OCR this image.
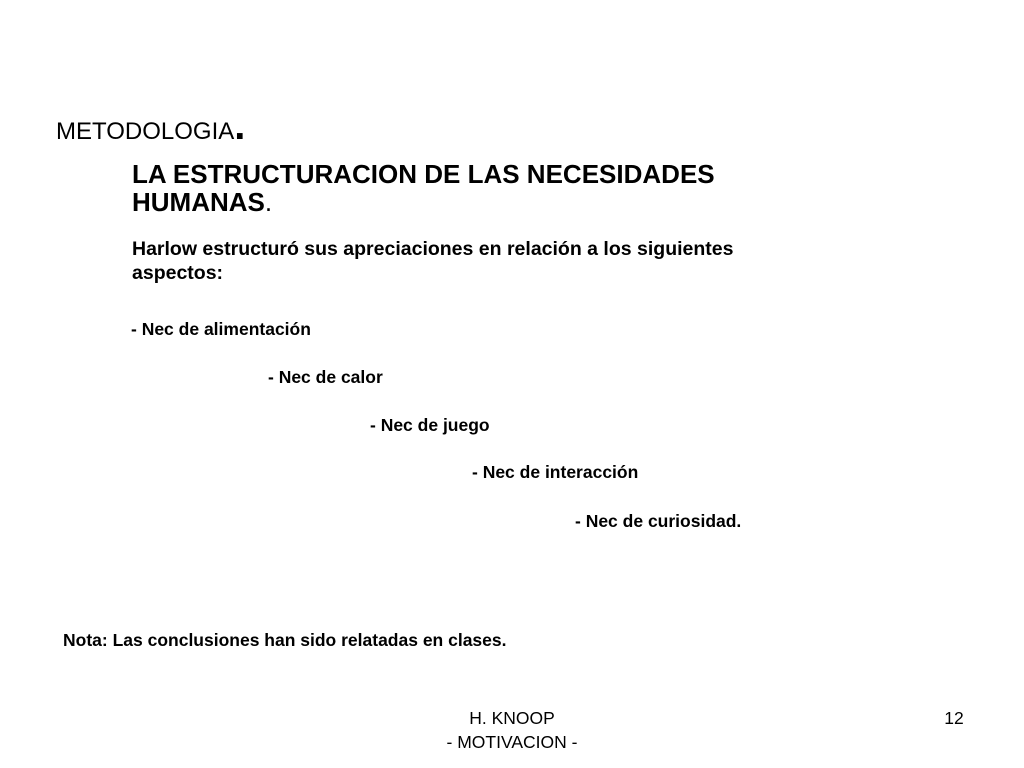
METODOLOGIA.
LA ESTRUCTURACION DE LAS NECESIDADES
HUMANAS.
Harlow estructuró sus apreciaciones en relación a los siguientes
aspectos:
- Nec de alimentación
- Nec de calor
- Nec de juego
- Nec de interacción
- Nec de curiosidad.
Nota: Las conclusiones han sido relatadas en clases.
H. KNOOP
- MOTIVACION -
12
